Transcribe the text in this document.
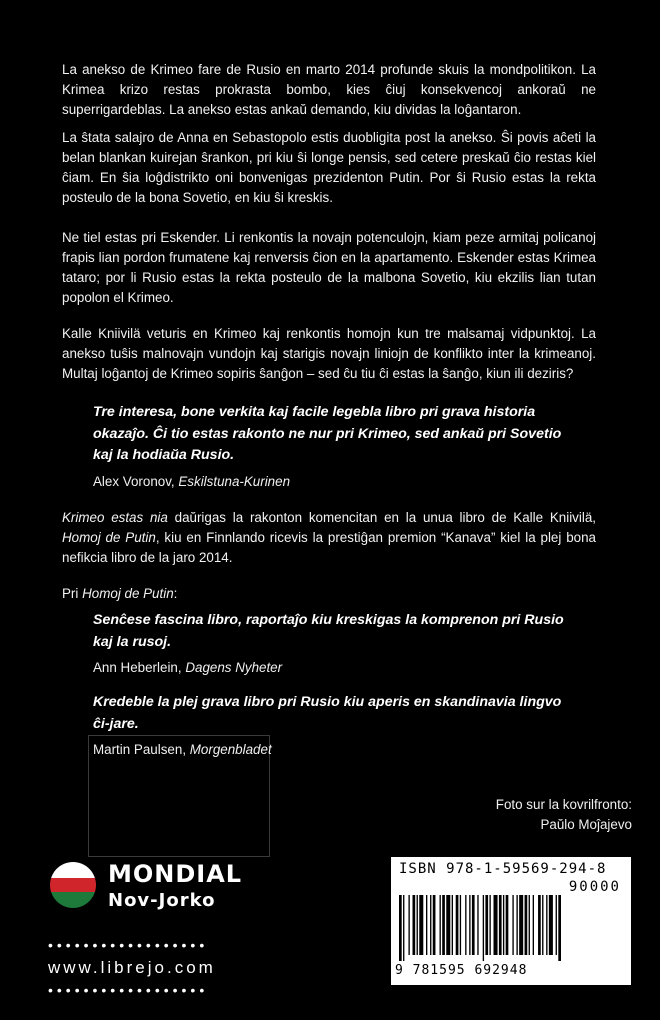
La anekso de Krimeo fare de Rusio en marto 2014 profunde skuis la mondpolitikon. La Krimea krizo restas prokrasta bombo, kies ĉiuj konsekvencoj ankoraŭ ne superrigardeblas. La anekso estas ankaŭ demando, kiu dividas la loĝantaron.

La ŝtata salajro de Anna en Sebastopolo estis duobligita post la anekso. Ŝi povis aĉeti la belan blankan kuirejan ŝrankon, pri kiu ŝi longe pensis, sed cetere preskaŭ ĉio restas kiel ĉiam. En ŝia loĝdistrikto oni bonvenigas prezidenton Putin. Por ŝi Rusio estas la rekta posteulo de la bona Sovetio, en kiu ŝi kreskis.

Ne tiel estas pri Eskender. Li renkontis la novajn potenculojn, kiam peze armitaj policanoj frapis lian pordon frumatene kaj renversis ĉion en la apartamento. Eskender estas Krimea tataro; por li Rusio estas la rekta posteulo de la malbona Sovetio, kiu ekzilis lian tutan popolon el Krimeo.

Kalle Kniivilä veturis en Krimeo kaj renkontis homojn kun tre malsamaj vidpunktoj. La anekso tuŝis malnovajn vundojn kaj starigis novajn liniojn de konflikto inter la krimeanoj. Multaj loĝantoj de Krimeo sopiris ŝanĝon – sed ĉu tiu ĉi estas la ŝanĝo, kiun ili deziris?

Tre interesa, bone verkita kaj facile legebla libro pri grava historia okazaĵo. Ĉi tio estas rakonto ne nur pri Krimeo, sed ankaŭ pri Sovetio kaj la hodiaŭa Rusio.

Alex Voronov, Eskilstuna-Kurinen

Krimeo estas nia daŭrigas la rakonton komencitan en la unua libro de Kalle Kniivilä, Homoj de Putin, kiu en Finnlando ricevis la prestiĝan premion “Kanava” kiel la plej bona nefikcia libro de la jaro 2014.

Pri Homoj de Putin:

Senĉese fascina libro, raportaĵo kiu kreskigas la komprenon pri Rusio kaj la rusoj.

Ann Heberlein, Dagens Nyheter

Kredeble la plej grava libro pri Rusio kiu aperis en skandinavia lingvo ĉi-jare.

Martin Paulsen, Morgenbladet
Foto sur la kovrilfronto:
Paŭlo Moĵajevo
MONDIAL
Nov-Jorko
••••••••••••••••••
www.librejo.com
••••••••••••••••••
ISBN 978-1-59569-294-8
90000
9 781595 692948
